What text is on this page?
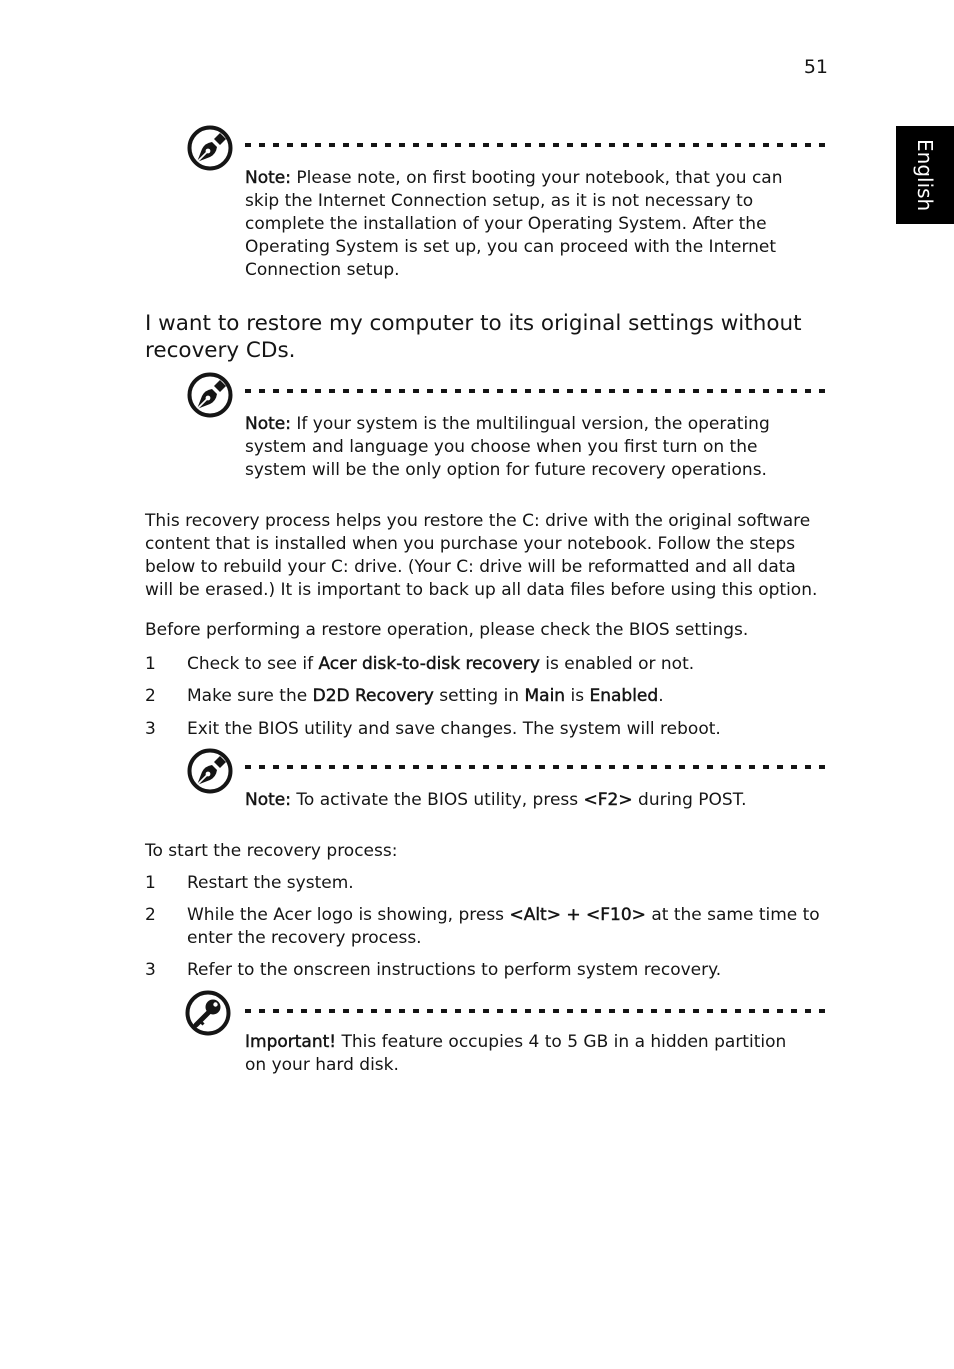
51
English
Note: Please note, on first booting your notebook, that you can
skip the Internet Connection setup, as it is not necessary to
complete the installation of your Operating System. After the
Operating System is set up, you can proceed with the Internet
Connection setup.
I want to restore my computer to its original settings without
recovery CDs.
Note: If your system is the multilingual version, the operating
system and language you choose when you first turn on the
system will be the only option for future recovery operations.
This recovery process helps you restore the C: drive with the original software
content that is installed when you purchase your notebook. Follow the steps
below to rebuild your C: drive. (Your C: drive will be reformatted and all data
will be erased.) It is important to back up all data files before using this option.
Before performing a restore operation, please check the BIOS settings.
1	Check to see if Acer disk-to-disk recovery is enabled or not.
2	Make sure the D2D Recovery setting in Main is Enabled.
3	Exit the BIOS utility and save changes. The system will reboot.
Note: To activate the BIOS utility, press <F2> during POST.
To start the recovery process:
1	Restart the system.
2	While the Acer logo is showing, press <Alt> + <F10> at the same time to
enter the recovery process.
3	Refer to the onscreen instructions to perform system recovery.
Important! This feature occupies 4 to 5 GB in a hidden partition
on your hard disk.
